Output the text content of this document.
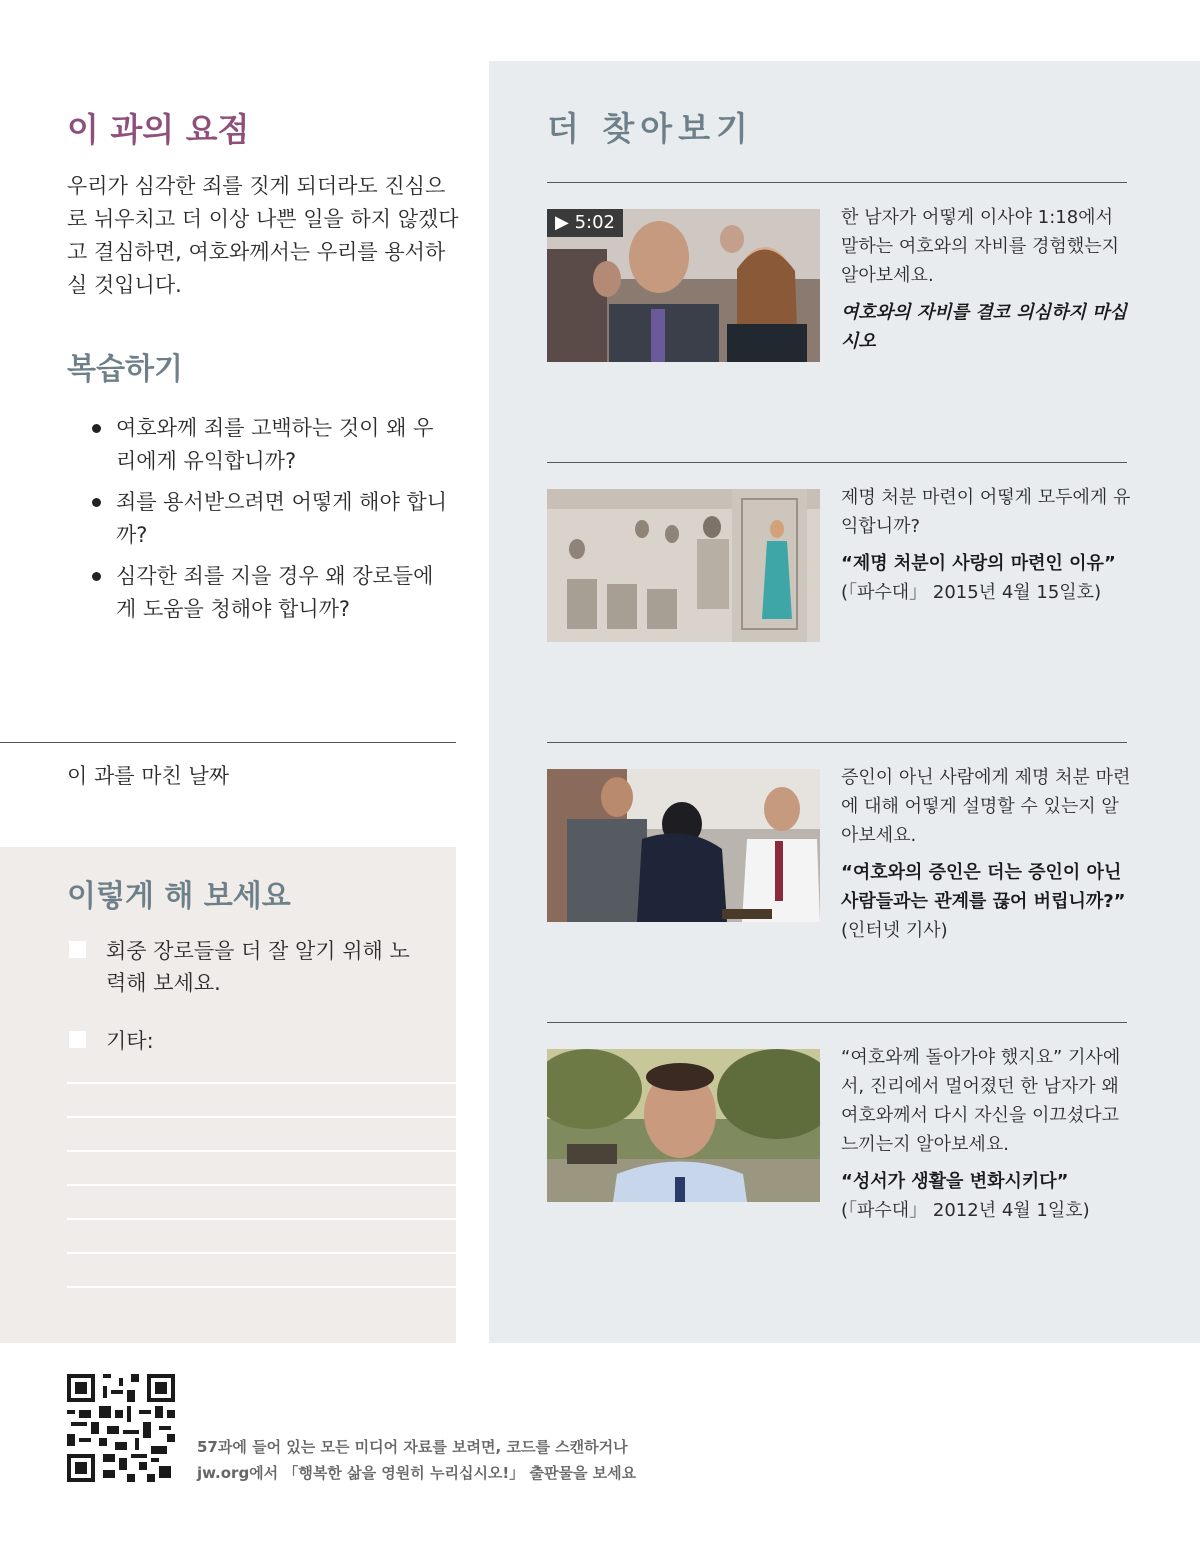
이 과의 요점

우리가 심각한 죄를 짓게 되더라도 진심으로 뉘우치고 더 이상 나쁜 일을 하지 않겠다고 결심하면, 여호와께서는 우리를 용서하실 것입니다.

복습하기
여호와께 죄를 고백하는 것이 왜 우리에게 유익합니까?
죄를 용서받으려면 어떻게 해야 합니까?
심각한 죄를 지을 경우 왜 장로들에게 도움을 청해야 합니까?
이 과를 마친 날짜
이렇게 해 보세요
회중 장로들을 더 잘 알기 위해 노력해 보세요.
기타:
더 찾아보기
▶ 5:02	한 남자가 어떻게 이사야 1:18에서 말하는 여호와의 자비를 경험했는지 알아보세요.

여호와의 자비를 결코 의심하지 마십시오

제명 처분 마련이 어떻게 모두에게 유익합니까?

“제명 처분이 사랑의 마련인 이유”

(「파수대」 2015년 4월 15일호)

증인이 아닌 사람에게 제명 처분 마련에 대해 어떻게 설명할 수 있는지 알아보세요.

“여호와의 증인은 더는 증인이 아닌 사람들과는 관계를 끊어 버립니까?”

(인터넷 기사)

“여호와께 돌아가야 했지요” 기사에서, 진리에서 멀어졌던 한 남자가 왜 여호와께서 다시 자신을 이끄셨다고 느끼는지 알아보세요.

“성서가 생활을 변화시키다”

(「파수대」 2012년 4월 1일호)

57과에 들어 있는 모든 미디어 자료를 보려면, 코드를 스캔하거나
jw.org에서 「행복한 삶을 영원히 누리십시오!」 출판물을 보세요
